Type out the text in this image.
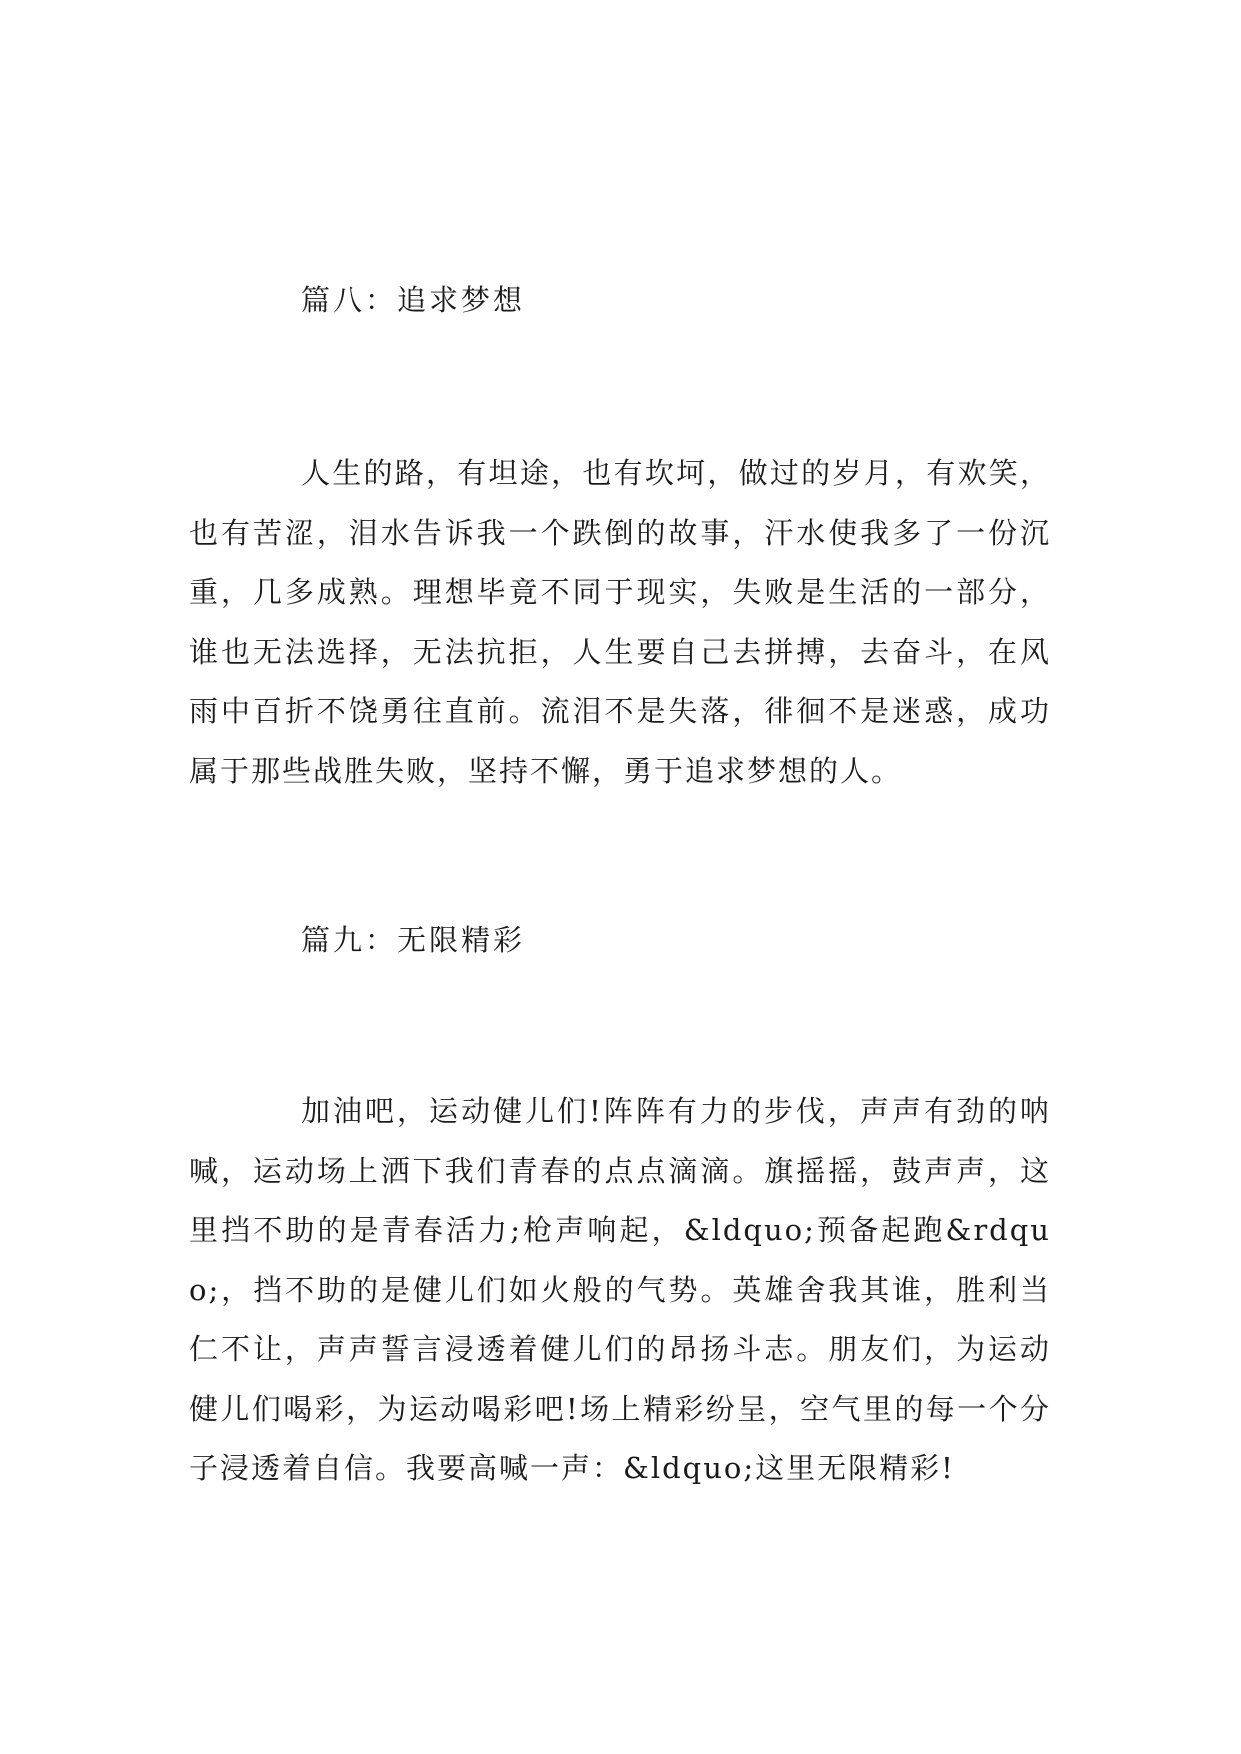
篇八：追求梦想

人生的路，有坦途，也有坎坷，做过的岁月，有欢笑，也有苦涩，泪水告诉我一个跌倒的故事，汗水使我多了一份沉重，几多成熟。理想毕竟不同于现实，失败是生活的一部分，谁也无法选择，无法抗拒，人生要自己去拼搏，去奋斗，在风雨中百折不饶勇往直前。流泪不是失落，徘徊不是迷惑，成功属于那些战胜失败，坚持不懈，勇于追求梦想的人。

篇九：无限精彩

加油吧，运动健儿们!阵阵有力的步伐，声声有劲的呐喊，运动场上洒下我们青春的点点滴滴。旗摇摇，鼓声声，这里挡不助的是青春活力;枪声响起，&ldquo;预备起跑&rdquo;，挡不助的是健儿们如火般的气势。英雄舍我其谁，胜利当仁不让，声声誓言浸透着健儿们的昂扬斗志。朋友们，为运动健儿们喝彩，为运动喝彩吧!场上精彩纷呈，空气里的每一个分子浸透着自信。我要高喊一声：&ldquo;这里无限精彩!
